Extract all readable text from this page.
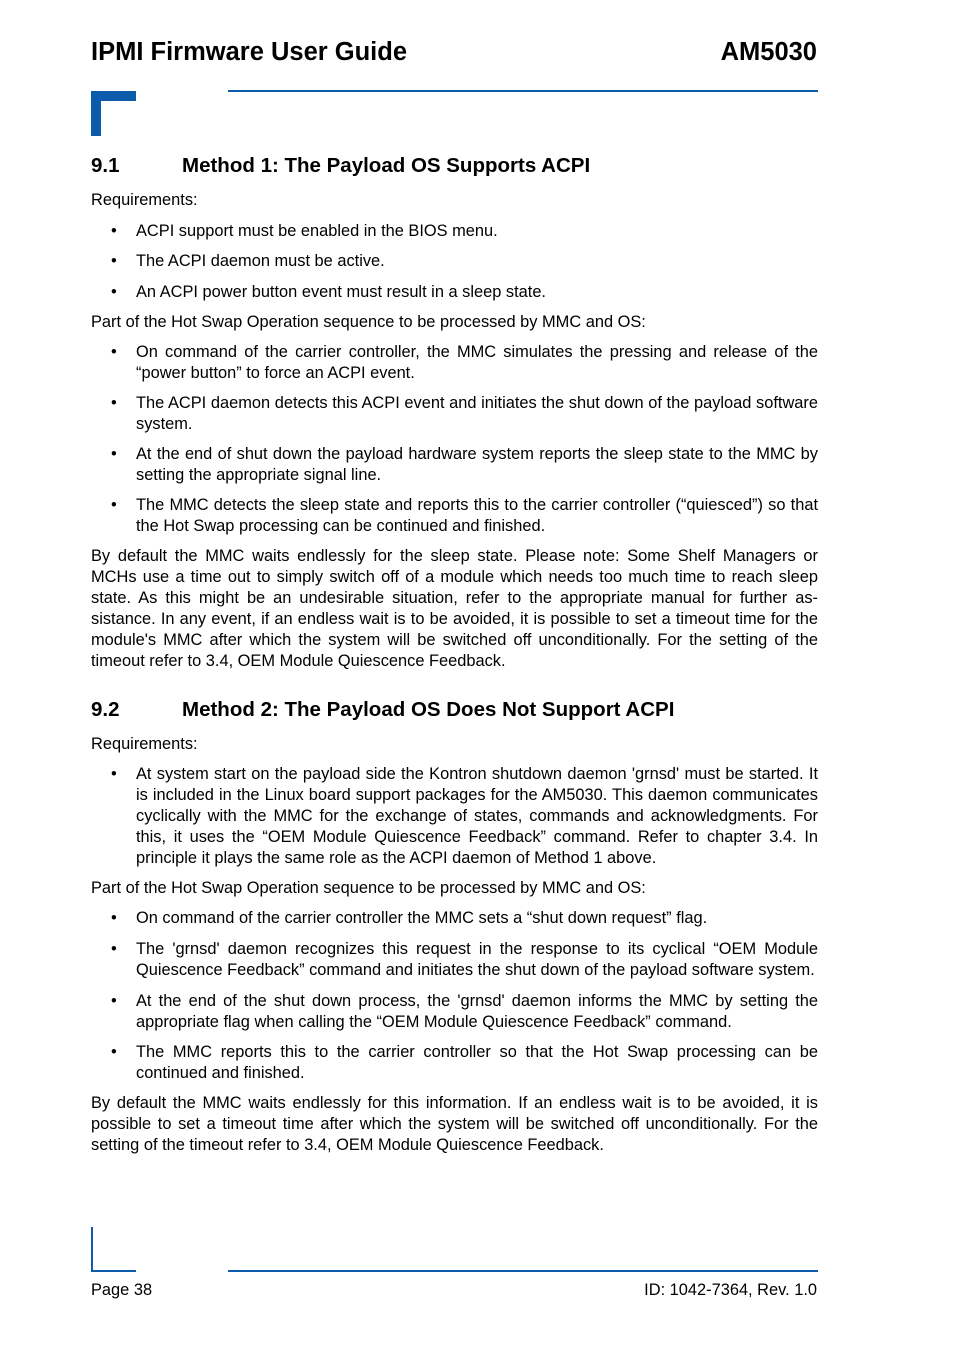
IPMI Firmware User Guide	AM5030
9.1	Method 1: The Payload OS Supports ACPI

Requirements:

• ACPI support must be enabled in the BIOS menu.
• The ACPI daemon must be active.
• An ACPI power button event must result in a sleep state.

Part of the Hot Swap Operation sequence to be processed by MMC and OS:

• On command of the carrier controller, the MMC simulates the pressing and release of the “power button” to force an ACPI event.
• The ACPI daemon detects this ACPI event and initiates the shut down of the payload software system.
• At the end of shut down the payload hardware system reports the sleep state to the MMC by setting the appropriate signal line.
• The MMC detects the sleep state and reports this to the carrier controller (“quiesced”) so that the Hot Swap processing can be continued and finished.

By default the MMC waits endlessly for the sleep state. Please note: Some Shelf Managers or MCHs use a time out to simply switch off of a module which needs too much time to reach sleep state. As this might be an undesirable situation, refer to the appropriate manual for further assistance. In any event, if an endless wait is to be avoided, it is possible to set a timeout time for the module's MMC after which the system will be switched off unconditionally. For the setting of the timeout refer to 3.4, OEM Module Quiescence Feedback.

9.2	Method 2: The Payload OS Does Not Support ACPI

Requirements:

• At system start on the payload side the Kontron shutdown daemon 'grnsd' must be started. It is included in the Linux board support packages for the AM5030. This daemon communicates cyclically with the MMC for the exchange of states, commands and acknowledgments. For this, it uses the “OEM Module Quiescence Feedback” command. Refer to chapter 3.4. In principle it plays the same role as the ACPI daemon of Method 1 above.

Part of the Hot Swap Operation sequence to be processed by MMC and OS:

• On command of the carrier controller the MMC sets a “shut down request” flag.
• The 'grnsd' daemon recognizes this request in the response to its cyclical “OEM Module Quiescence Feedback” command and initiates the shut down of the payload software system.
• At the end of the shut down process, the 'grnsd' daemon informs the MMC by setting the appropriate flag when calling the “OEM Module Quiescence Feedback” command.
• The MMC reports this to the carrier controller so that the Hot Swap processing can be continued and finished.

By default the MMC waits endlessly for this information. If an endless wait is to be avoided, it is possible to set a timeout time after which the system will be switched off unconditionally. For the setting of the timeout refer to 3.4, OEM Module Quiescence Feedback.

Page 38	ID: 1042-7364, Rev. 1.0
